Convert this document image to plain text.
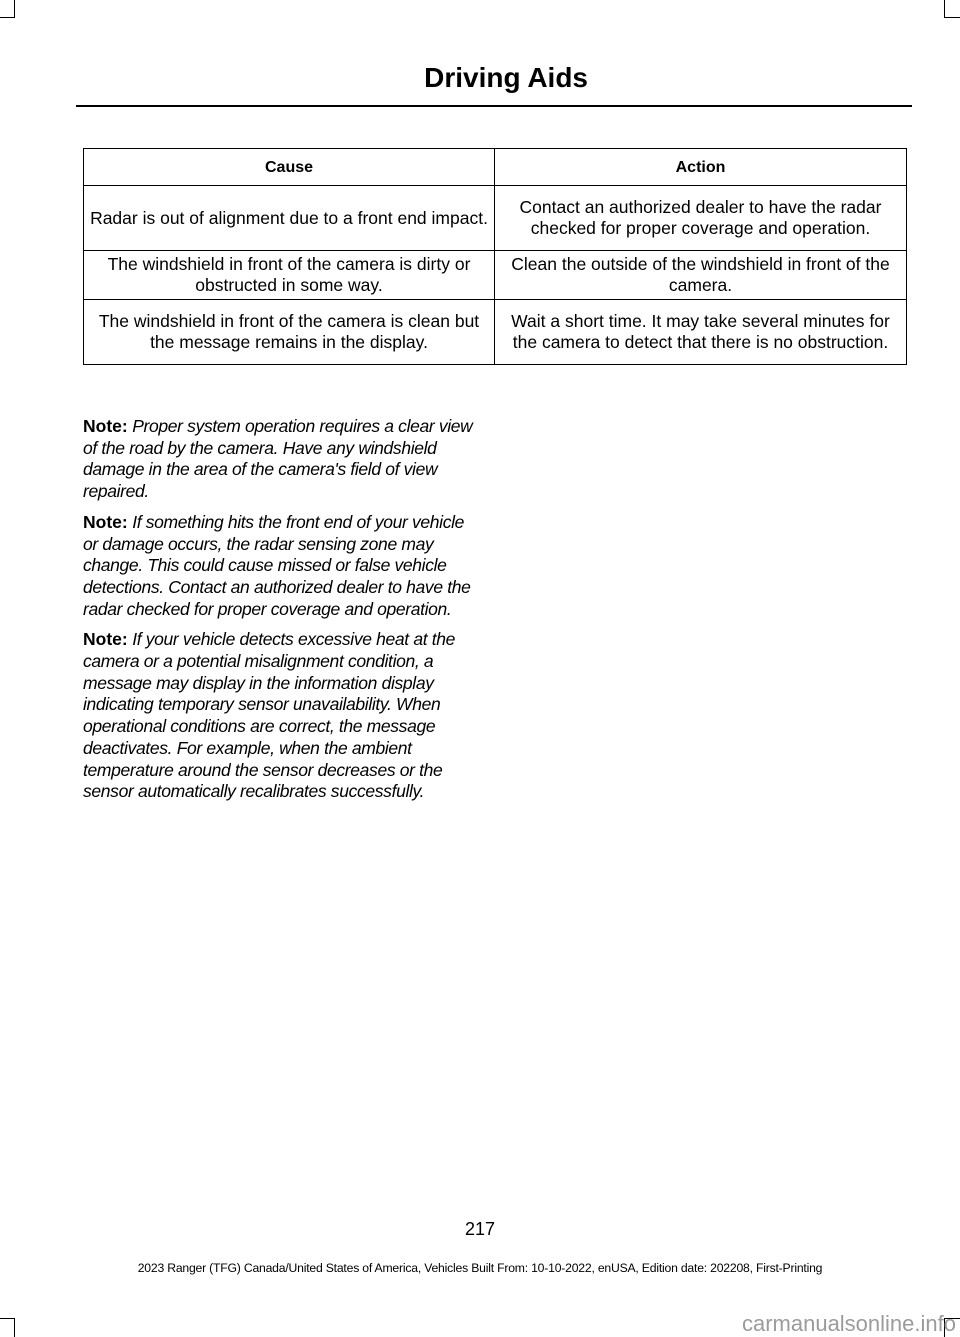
Driving Aids
Cause	Action
Radar is out of alignment due to a front end impact.	Contact an authorized dealer to have the radar checked for proper coverage and operation.
The windshield in front of the camera is dirty or obstructed in some way.	Clean the outside of the windshield in front of the camera.
The windshield in front of the camera is clean but the message remains in the display.	Wait a short time. It may take several minutes for the camera to detect that there is no obstruction.

Note: Proper system operation requires a clear view of the road by the camera. Have any windshield damage in the area of the camera's field of view repaired.

Note: If something hits the front end of your vehicle or damage occurs, the radar sensing zone may change. This could cause missed or false vehicle detections. Contact an authorized dealer to have the radar checked for proper coverage and operation.

Note: If your vehicle detects excessive heat at the camera or a potential misalignment condition, a message may display in the information display indicating temporary sensor unavailability. When operational conditions are correct, the message deactivates. For example, when the ambient temperature around the sensor decreases or the sensor automatically recalibrates successfully.

217
2023 Ranger (TFG) Canada/United States of America, Vehicles Built From: 10-10-2022, enUSA, Edition date: 202208, First-Printing
carmanualsonline.info
